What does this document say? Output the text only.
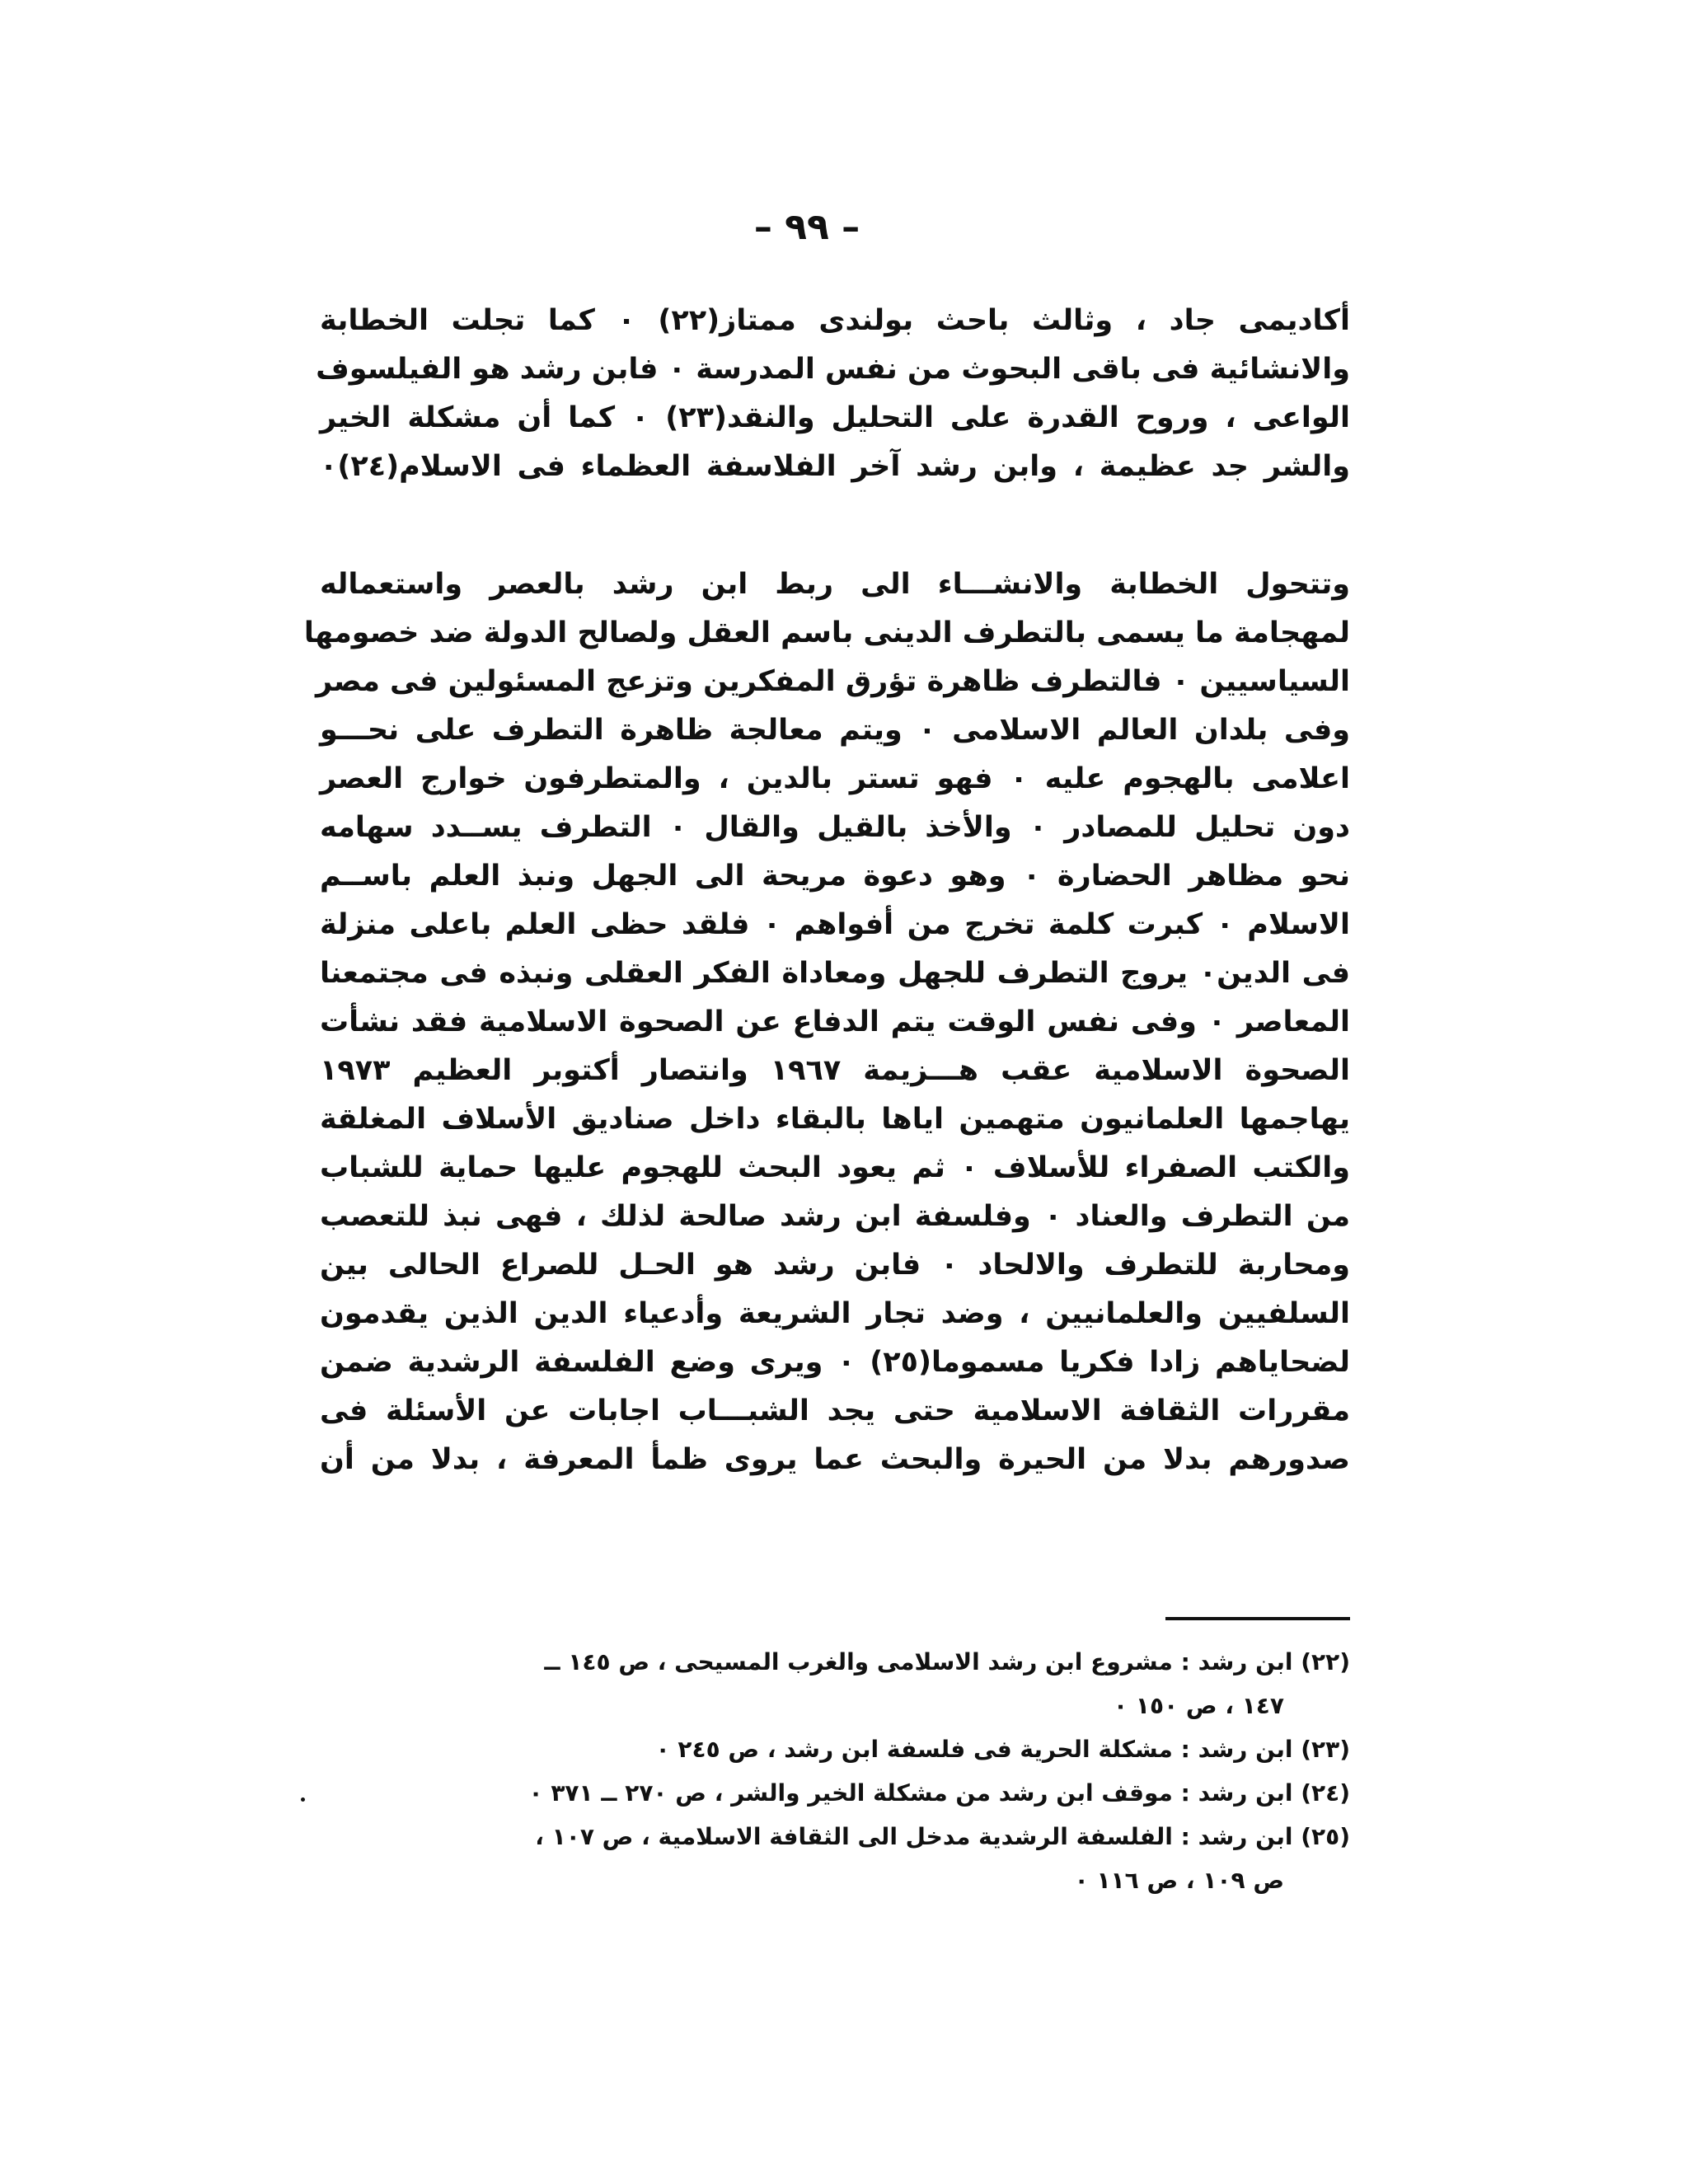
– ٩٩ –
أكاديمى جاد ، وثالث باحث بولندى ممتاز(٢٢) ٠ كما تجلت الخطابة
والانشائية فى باقى البحوث من نفس المدرسة ٠ فابن رشد هو الفيلسوف
الواعى ، وروح القدرة على التحليل والنقد(٢٣) ٠ كما أن مشكلة الخير
والشر جد عظيمة ، وابن رشد آخر الفلاسفة العظماء فى الاسلام(٢٤)٠
وتتحول الخطابة والانشـــاء الى ربط ابن رشد بالعصر واستعماله
لمهجامة ما يسمى بالتطرف الدينى باسم العقل ولصالح الدولة ضد خصومها
السياسيين ٠ فالتطرف ظاهرة تؤرق المفكرين وتزعج المسئولين فى مصر
وفى بلدان العالم الاسلامى ٠ ويتم معالجة ظاهرة التطرف على نحـــو
اعلامى بالهجوم عليه ٠ فهو تستر بالدين ، والمتطرفون خوارج العصر
دون تحليل للمصادر ٠ والأخذ بالقيل والقال ٠ التطرف يســدد سهامه
نحو مظاهر الحضارة ٠ وهو دعوة مريحة الى الجهل ونبذ العلم باســم
الاسلام ٠ كبرت كلمة تخرج من أفواهم ٠ فلقد حظى العلم باعلى منزلة
فى الدين٠ يروج التطرف للجهل ومعاداة الفكر العقلى ونبذه فى مجتمعنا
المعاصر ٠ وفى نفس الوقت يتم الدفاع عن الصحوة الاسلامية فقد نشأت
الصحوة الاسلامية عقب هـــزيمة ١٩٦٧ وانتصار أكتوبر العظيم ١٩٧٣
يهاجمها العلمانيون متهمين اياها بالبقاء داخل صناديق الأسلاف المغلقة
والكتب الصفراء للأسلاف ٠ ثم يعود البحث للهجوم عليها حماية للشباب
من التطرف والعناد ٠ وفلسفة ابن رشد صالحة لذلك ، فهى نبذ للتعصب
ومحاربة للتطرف والالحاد ٠ فابن رشد هو الحـل للصراع الحالى بين
السلفيين والعلمانيين ، وضد تجار الشريعة وأدعياء الدين الذين يقدمون
لضحاياهم زادا فكريا مسموما(٢٥) ٠ ويرى وضع الفلسفة الرشدية ضمن
مقررات الثقافة الاسلامية حتى يجد الشبـــاب اجابات عن الأسئلة فى
صدورهم بدلا من الحيرة والبحث عما يروى ظمأ المعرفة ، بدلا من أن
(٢٢) ابن رشد : مشروع ابن رشد الاسلامى والغرب المسيحى ، ص ١٤٥ ــ
١٤٧ ، ص ١٥٠ ٠
(٢٣) ابن رشد : مشكلة الحرية فى فلسفة ابن رشد ، ص ٢٤٥ ٠
(٢٤) ابن رشد : موقف ابن رشد من مشكلة الخير والشر ، ص ٢٧٠ ــ ٣٧١ ٠
(٢٥) ابن رشد : الفلسفة الرشدية مدخل الى الثقافة الاسلامية ، ص ١٠٧ ،
ص ١٠٩ ، ص ١١٦ ٠
